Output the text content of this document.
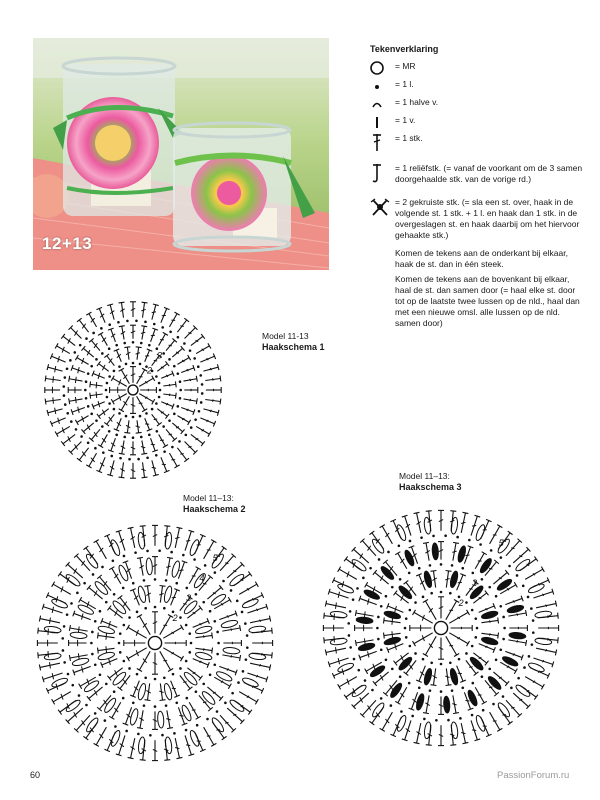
12+13
Tekenverklaring
= MR
= 1 l.
= 1 halve v.
= 1 v.
= 1 stk.
= 1 reliëfstk. (= vanaf de voorkant om de 3 samen doorgehaalde stk. van de vorige rd.)
= 2 gekruiste stk. (= sla een st. over, haak in de volgende st. 1 stk. + 1 l. en haak dan 1 stk. in de overgeslagen st. en haak daarbij om het hiervoor gehaakte stk.)
Komen de tekens aan de onderkant bij elkaar, haak de st. dan in één steek.
Komen de tekens aan de bovenkant bij elkaar, haal de st. dan samen door (= haal elke st. door tot op de laatste twee lussen op de nld., haal dan met een nieuwe omsl. alle lussen op de nld. samen door)
2
3
2
3
4
5
2
3
4
5
Model 11-13
Haakschema 1
Model 11–13:
Haakschema 2
Model 11–13:
Haakschema 3
60	PassionForum.ru
